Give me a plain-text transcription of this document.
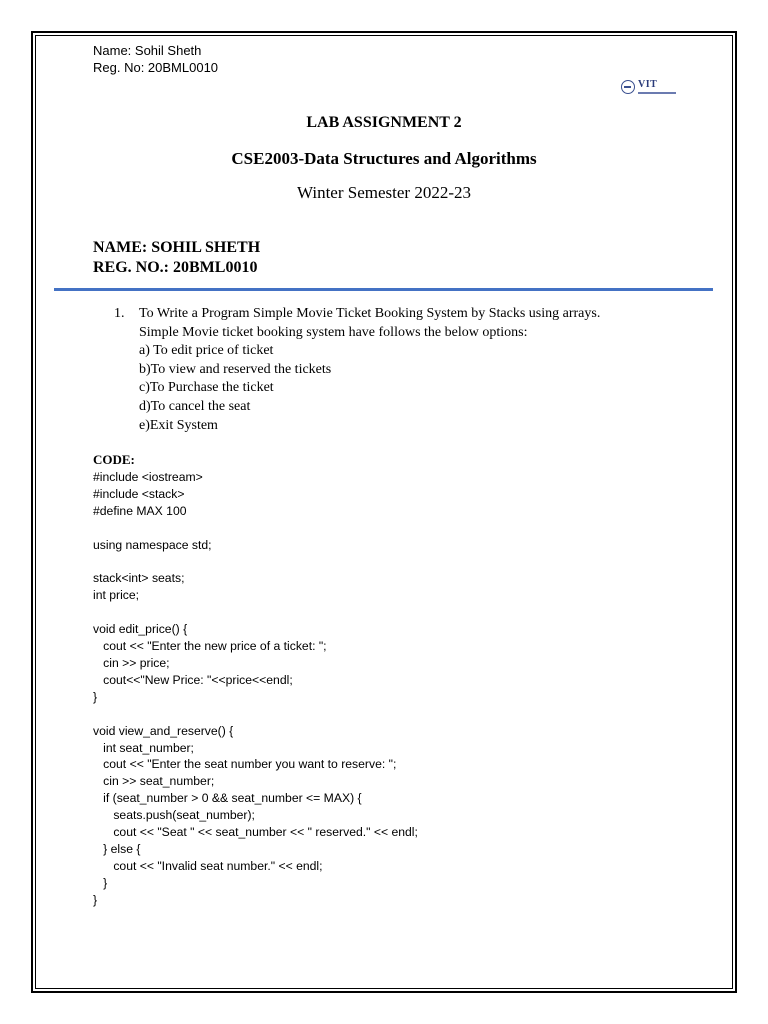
Name: Sohil Sheth
Reg. No: 20BML0010
VIT
LAB ASSIGNMENT 2
CSE2003-Data Structures and Algorithms
Winter Semester 2022-23
NAME: SOHIL SHETH
REG. NO.: 20BML0010
1.	To Write a Program Simple Movie Ticket Booking System by Stacks using arrays.
Simple Movie ticket booking system have follows the below options:
a) To edit price of ticket
b)To view and reserved the tickets
c)To Purchase the ticket
d)To cancel the seat
e)Exit System
CODE:
#include <iostream>
#include <stack>
#define MAX 100

using namespace std;

stack<int> seats;
int price;

void edit_price() {
cout << "Enter the new price of a ticket: ";
cin >> price;
cout<<"New Price: "<<price<<endl;
}

void view_and_reserve() {
int seat_number;
cout << "Enter the seat number you want to reserve: ";
cin >> seat_number;
if (seat_number > 0 && seat_number <= MAX) {
seats.push(seat_number);
cout << "Seat " << seat_number << " reserved." << endl;
} else {
cout << "Invalid seat number." << endl;
}
}
